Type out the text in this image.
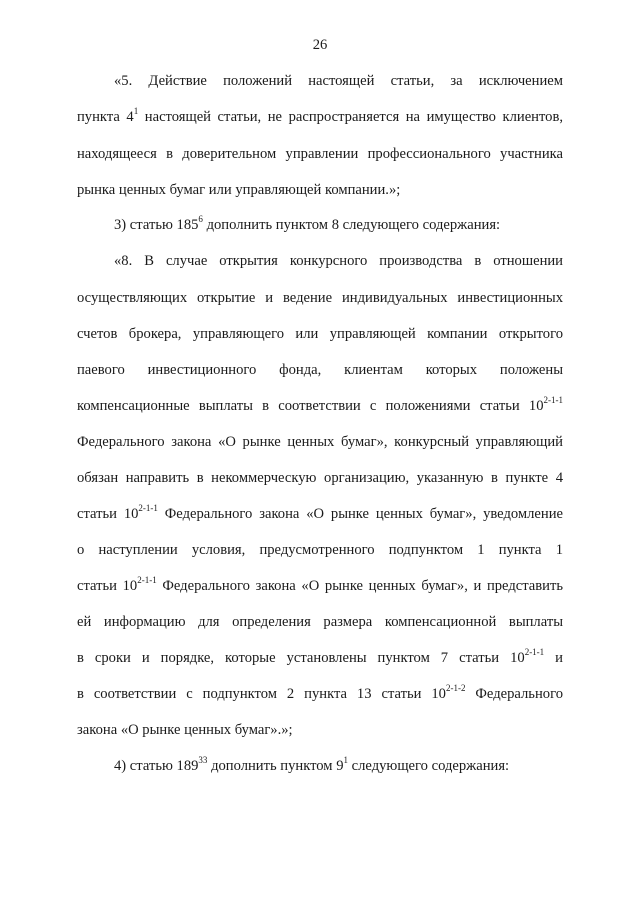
26
«5. Действие положений настоящей статьи, за исключением
пункта $4^1$ настоящей статьи, не распространяется на имущество клиентов,
находящееся в доверительном управлении профессионального участника
рынка ценных бумаг или управляющей компании.»;
3) статью $185^6$ дополнить пунктом 8 следующего содержания:
«8. В случае открытия конкурсного производства в отношении
осуществляющих открытие и ведение индивидуальных инвестиционных
счетов брокера, управляющего или управляющей компании открытого
паевого инвестиционного фонда, клиентам которых положены
компенсационные выплаты в соответствии с положениями статьи 10$^{2-1-1}$
Федерального закона «О рынке ценных бумаг», конкурсный управляющий
обязан направить в некоммерческую организацию, указанную в пункте 4
статьи 10$^{2-1-1}$ Федерального закона «О рынке ценных бумаг», уведомление
о наступлении условия, предусмотренного подпунктом 1 пункта 1
статьи 10$^{2-1-1}$ Федерального закона «О рынке ценных бумаг», и представить
ей информацию для определения размера компенсационной выплаты
в сроки и порядке, которые установлены пунктом 7 статьи 10$^{2-1-1}$ и
в соответствии с подпунктом 2 пункта 13 статьи 10$^{2-1-2}$ Федерального
закона «О рынке ценных бумаг».»;
4) статью $189^{33}$ дополнить пунктом $9^1$ следующего содержания:
